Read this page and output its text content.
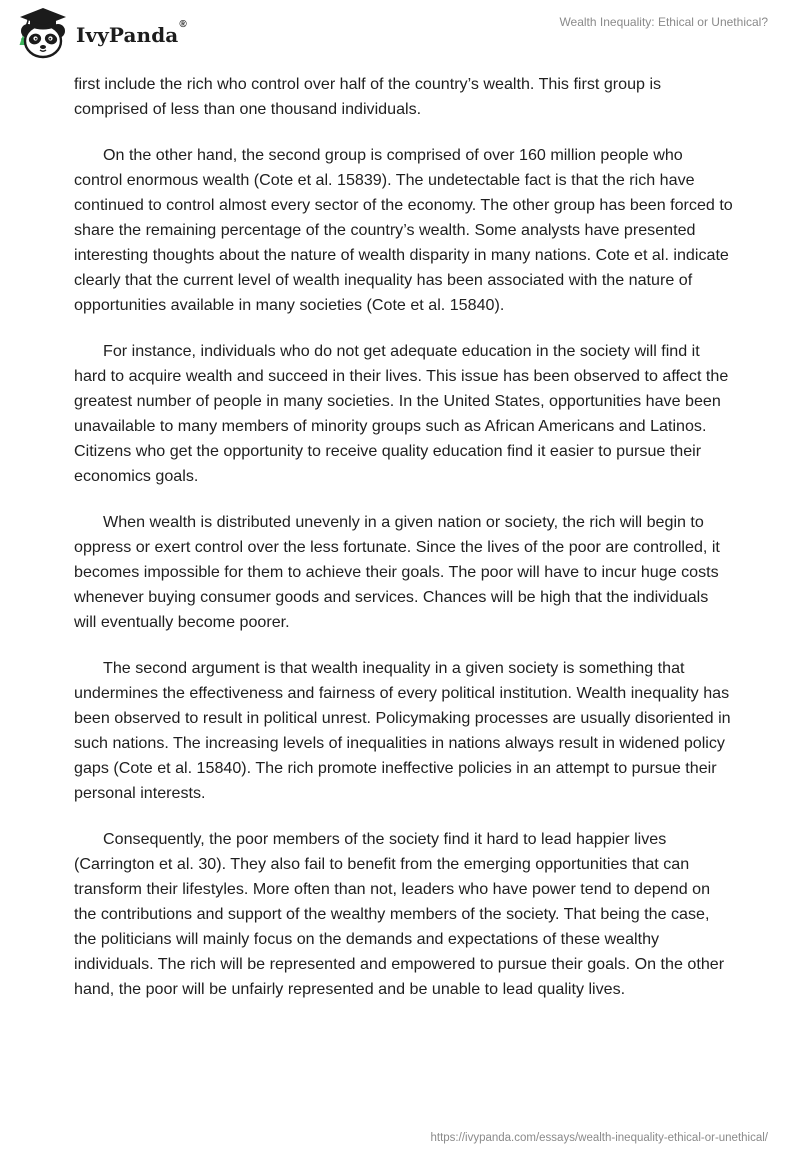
IvyPanda®	Wealth Inequality: Ethical or Unethical?

first include the rich who control over half of the country’s wealth. This first group is comprised of less than one thousand individuals.

On the other hand, the second group is comprised of over 160 million people who control enormous wealth (Cote et al. 15839). The undetectable fact is that the rich have continued to control almost every sector of the economy. The other group has been forced to share the remaining percentage of the country’s wealth. Some analysts have presented interesting thoughts about the nature of wealth disparity in many nations. Cote et al. indicate clearly that the current level of wealth inequality has been associated with the nature of opportunities available in many societies (Cote et al. 15840).

For instance, individuals who do not get adequate education in the society will find it hard to acquire wealth and succeed in their lives. This issue has been observed to affect the greatest number of people in many societies. In the United States, opportunities have been unavailable to many members of minority groups such as African Americans and Latinos. Citizens who get the opportunity to receive quality education find it easier to pursue their economics goals.

When wealth is distributed unevenly in a given nation or society, the rich will begin to oppress or exert control over the less fortunate. Since the lives of the poor are controlled, it becomes impossible for them to achieve their goals. The poor will have to incur huge costs whenever buying consumer goods and services. Chances will be high that the individuals will eventually become poorer.

The second argument is that wealth inequality in a given society is something that undermines the effectiveness and fairness of every political institution. Wealth inequality has been observed to result in political unrest. Policymaking processes are usually disoriented in such nations. The increasing levels of inequalities in nations always result in widened policy gaps (Cote et al. 15840). The rich promote ineffective policies in an attempt to pursue their personal interests.

Consequently, the poor members of the society find it hard to lead happier lives (Carrington et al. 30). They also fail to benefit from the emerging opportunities that can transform their lifestyles. More often than not, leaders who have power tend to depend on the contributions and support of the wealthy members of the society. That being the case, the politicians will mainly focus on the demands and expectations of these wealthy individuals. The rich will be represented and empowered to pursue their goals. On the other hand, the poor will be unfairly represented and be unable to lead quality lives.

https://ivypanda.com/essays/wealth-inequality-ethical-or-unethical/
